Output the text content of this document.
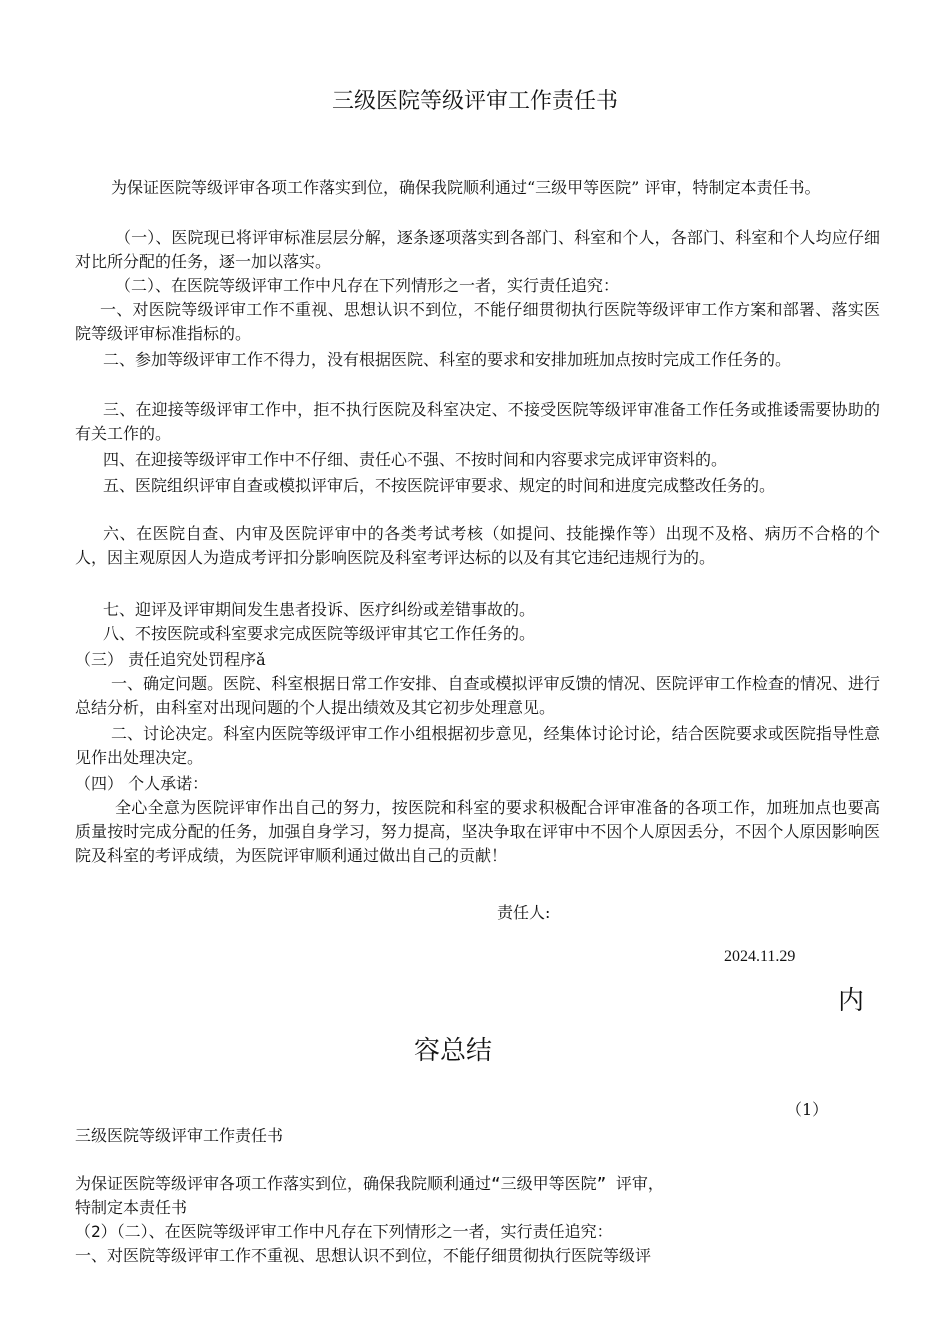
三级医院等级评审工作责任书
为保证医院等级评审各项工作落实到位，确保我院顺利通过“三级甲等医院” 评审，特制定本责任书。
（一）、医院现已将评审标准层层分解，逐条逐项落实到各部门、科室和个人，各部门、科室和个人均应仔细对比所分配的任务，逐一加以落实。
（二）、在医院等级评审工作中凡存在下列情形之一者，实行责任追究：
一、对医院等级评审工作不重视、思想认识不到位，不能仔细贯彻执行医院等级评审工作方案和部署、落实医院等级评审标准指标的。
二、参加等级评审工作不得力，没有根据医院、科室的要求和安排加班加点按时完成工作任务的。
三、在迎接等级评审工作中，拒不执行医院及科室决定、不接受医院等级评审准备工作任务或推诿需要协助的有关工作的。
四、在迎接等级评审工作中不仔细、责任心不强、不按时间和内容要求完成评审资料的。
五、医院组织评审自查或模拟评审后，不按医院评审要求、规定的时间和进度完成整改任务的。
六、在医院自查、内审及医院评审中的各类考试考核（如提问、技能操作等）出现不及格、病历不合格的个人，因主观原因人为造成考评扣分影响医院及科室考评达标的以及有其它违纪违规行为的。
七、迎评及评审期间发生患者投诉、医疗纠纷或差错事故的。
八、不按医院或科室要求完成医院等级评审其它工作任务的。
（三） 责任追究处罚程序ǎ
一、确定问题。医院、科室根据日常工作安排、自查或模拟评审反馈的情况、医院评审工作检查的情况、进行总结分析，由科室对出现问题的个人提出绩效及其它初步处理意见。
二、讨论决定。科室内医院等级评审工作小组根据初步意见，经集体讨论讨论，结合医院要求或医院指导性意见作出处理决定。
（四） 个人承诺：
全心全意为医院评审作出自己的努力，按医院和科室的要求积极配合评审准备的各项工作，加班加点也要高质量按时完成分配的任务，加强自身学习，努力提高，坚决争取在评审中不因个人原因丢分，不因个人原因影响医院及科室的考评成绩，为医院评审顺利通过做出自己的贡献！
责任人:
2024.11.29
内
容总结
（1）
三级医院等级评审工作责任书
为保证医院等级评审各项工作落实到位，确保我院顺利通过“三级甲等医院” 评审，
特制定本责任书
（2）（二）、在医院等级评审工作中凡存在下列情形之一者，实行责任追究：
一、对医院等级评审工作不重视、思想认识不到位，不能仔细贯彻执行医院等级评
